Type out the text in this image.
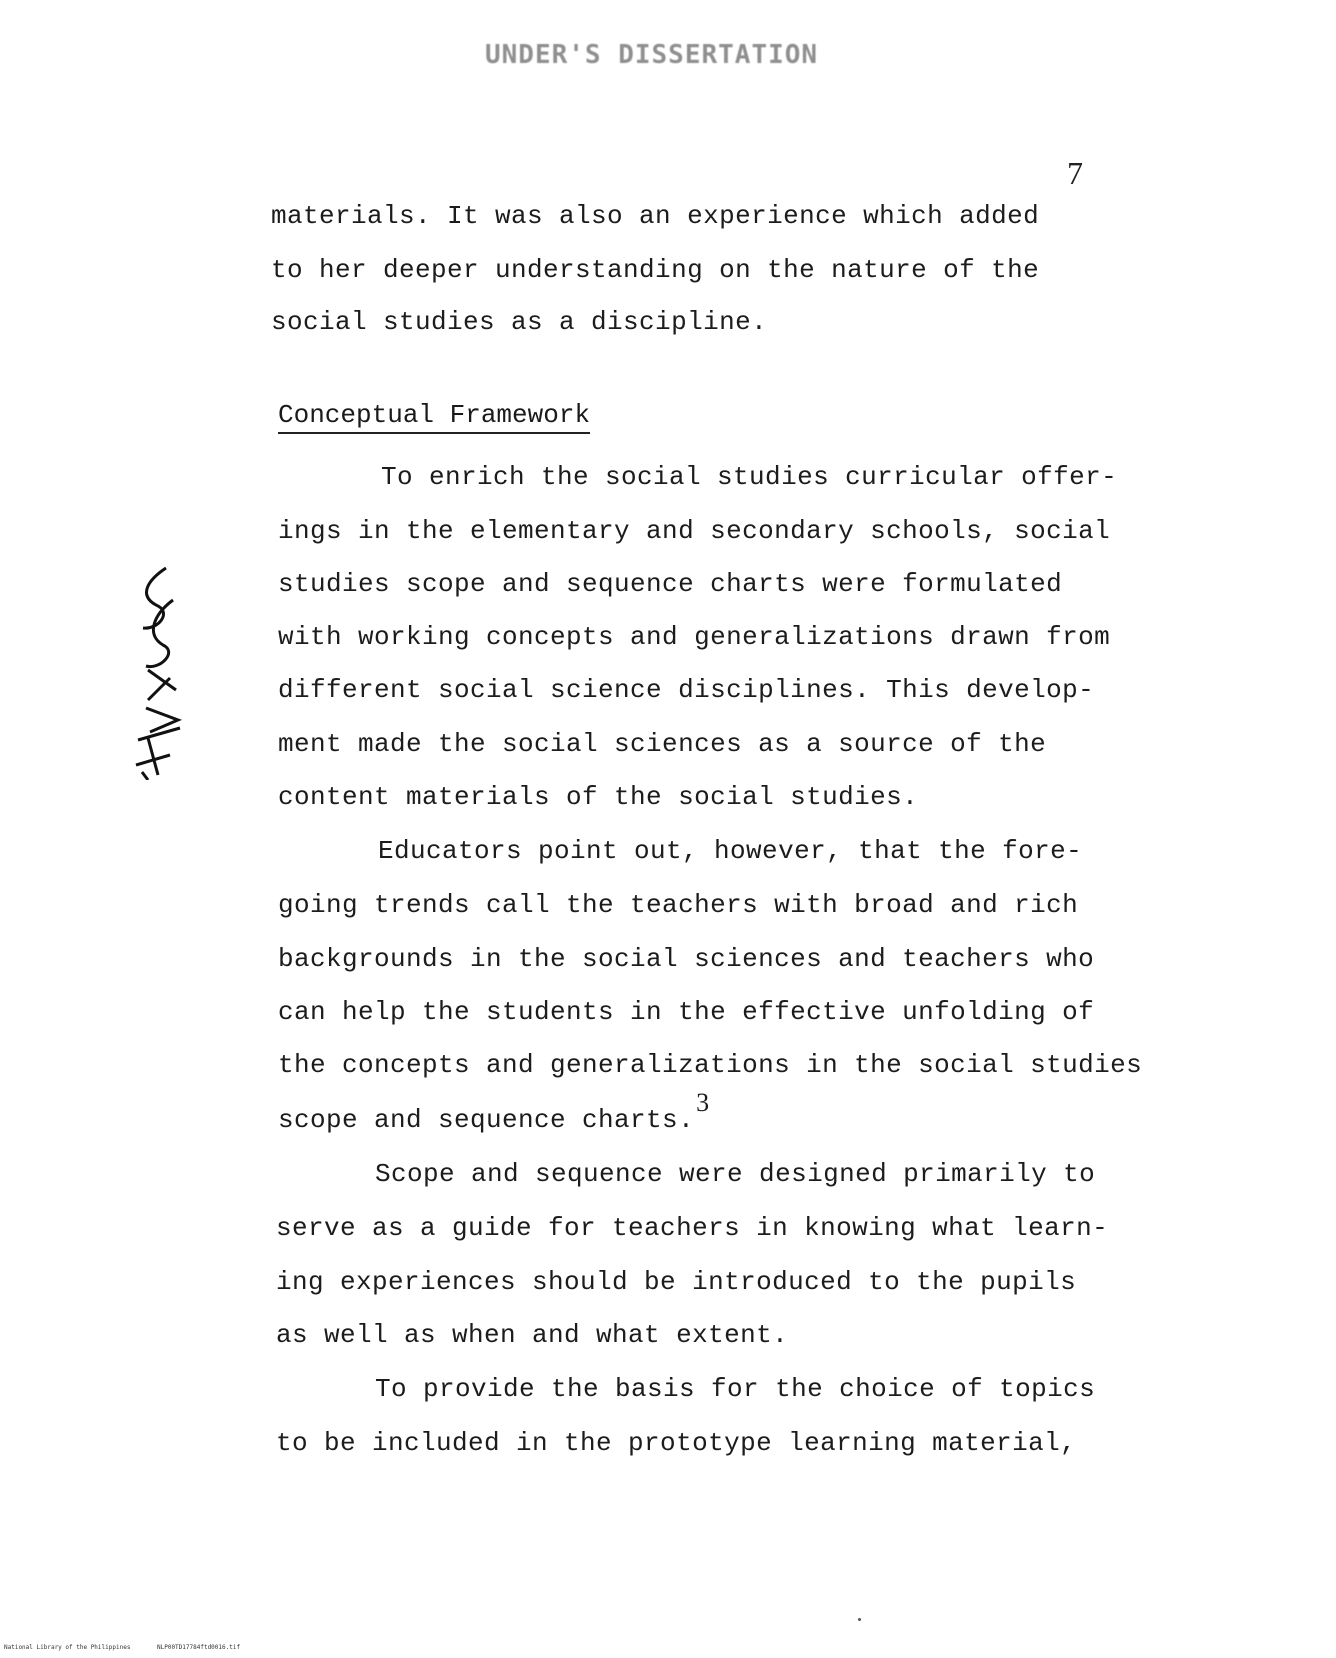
UNDER'S DISSERTATION
7
materials. It was also an experience which added
to her deeper understanding on the nature of the
social studies as a discipline.
Conceptual Framework
To enrich the social studies curricular offer-
ings in the elementary and secondary schools, social
studies scope and sequence charts were formulated
with working concepts and generalizations drawn from
different social science disciplines. This develop-
ment made the social sciences as a source of the
content materials of the social studies.
Educators point out, however, that the fore-
going trends call the teachers with broad and rich
backgrounds in the social sciences and teachers who
can help the students in the effective unfolding of
the concepts and generalizations in the social studies
scope and sequence charts.3
Scope and sequence were designed primarily to
serve as a guide for teachers in knowing what learn-
ing experiences should be introduced to the pupils
as well as when and what extent.
To provide the basis for the choice of topics
to be included in the prototype learning material,
National Library of the Philippines	NLP00TD17784ftd0016.tif
